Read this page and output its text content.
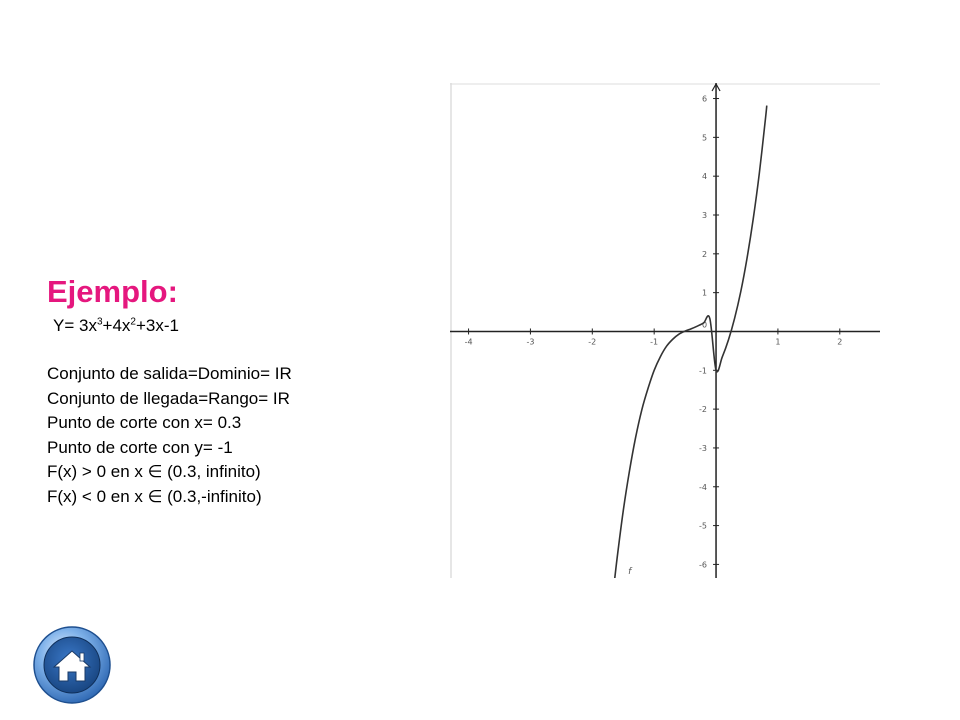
Ejemplo:
$Y= 3x^3+4x^2+3x-1$
Conjunto de salida=Dominio= IR
Conjunto de llegada=Rango= IR
Punto de corte con x= 0.3
Punto de corte con y= -1
F(x) > 0 en x ∈ (0.3, infinito)
F(x) < 0 en x ∈ (0.3,-infinito)
-4	-3	-2	-1	1	2
-6
-5
-4
-3
-2
-1
1
2
3
4
5
6
0
f
